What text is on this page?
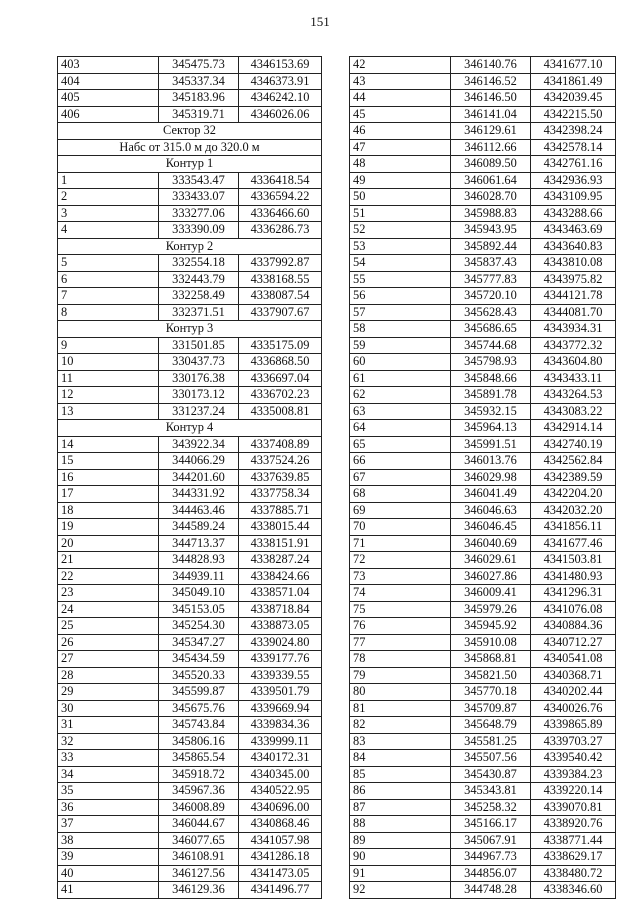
151
403	345475.73	4346153.69
404	345337.34	4346373.91
405	345183.96	4346242.10
406	345319.71	4346026.06
Сектор 32		
Набс от 315.0 м до 320.0 м		
Контур 1		
1	333543.47	4336418.54
2	333433.07	4336594.22
3	333277.06	4336466.60
4	333390.09	4336286.73
Контур 2		
5	332554.18	4337992.87
6	332443.79	4338168.55
7	332258.49	4338087.54
8	332371.51	4337907.67
Контур 3		
9	331501.85	4335175.09
10	330437.73	4336868.50
11	330176.38	4336697.04
12	330173.12	4336702.23
13	331237.24	4335008.81
Контур 4		
14	343922.34	4337408.89
15	344066.29	4337524.26
16	344201.60	4337639.85
17	344331.92	4337758.34
18	344463.46	4337885.71
19	344589.24	4338015.44
20	344713.37	4338151.91
21	344828.93	4338287.24
22	344939.11	4338424.66
23	345049.10	4338571.04
24	345153.05	4338718.84
25	345254.30	4338873.05
26	345347.27	4339024.80
27	345434.59	4339177.76
28	345520.33	4339339.55
29	345599.87	4339501.79
30	345675.76	4339669.94
31	345743.84	4339834.36
32	345806.16	4339999.11
33	345865.54	4340172.31
34	345918.72	4340345.00
35	345967.36	4340522.95
36	346008.89	4340696.00
37	346044.67	4340868.46
38	346077.65	4341057.98
39	346108.91	4341286.18
40	346127.56	4341473.05
41	346129.36	4341496.77
42	346140.76	4341677.10
43	346146.52	4341861.49
44	346146.50	4342039.45
45	346141.04	4342215.50
46	346129.61	4342398.24
47	346112.66	4342578.14
48	346089.50	4342761.16
49	346061.64	4342936.93
50	346028.70	4343109.95
51	345988.83	4343288.66
52	345943.95	4343463.69
53	345892.44	4343640.83
54	345837.43	4343810.08
55	345777.83	4343975.82
56	345720.10	4344121.78
57	345628.43	4344081.70
58	345686.65	4343934.31
59	345744.68	4343772.32
60	345798.93	4343604.80
61	345848.66	4343433.11
62	345891.78	4343264.53
63	345932.15	4343083.22
64	345964.13	4342914.14
65	345991.51	4342740.19
66	346013.76	4342562.84
67	346029.98	4342389.59
68	346041.49	4342204.20
69	346046.63	4342032.20
70	346046.45	4341856.11
71	346040.69	4341677.46
72	346029.61	4341503.81
73	346027.86	4341480.93
74	346009.41	4341296.31
75	345979.26	4341076.08
76	345945.92	4340884.36
77	345910.08	4340712.27
78	345868.81	4340541.08
79	345821.50	4340368.71
80	345770.18	4340202.44
81	345709.87	4340026.76
82	345648.79	4339865.89
83	345581.25	4339703.27
84	345507.56	4339540.42
85	345430.87	4339384.23
86	345343.81	4339220.14
87	345258.32	4339070.81
88	345166.17	4338920.76
89	345067.91	4338771.44
90	344967.73	4338629.17
91	344856.07	4338480.72
92	344748.28	4338346.60
